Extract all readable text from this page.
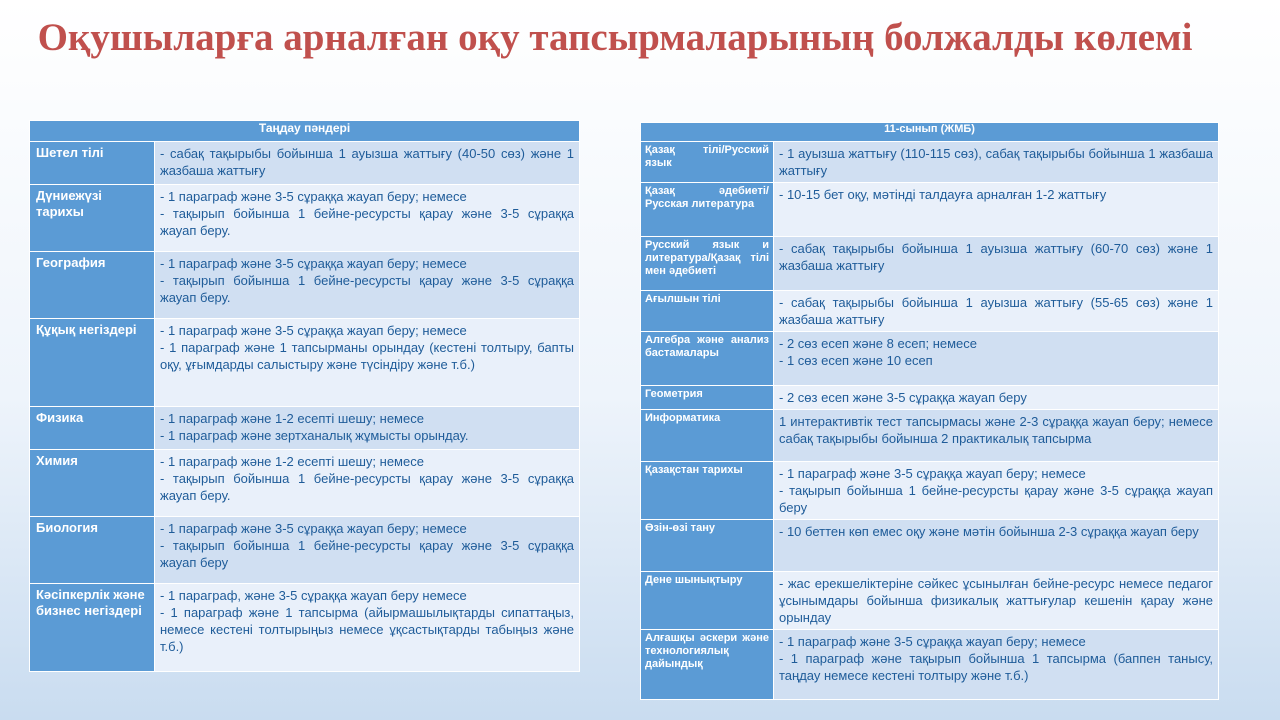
Оқушыларға арналған оқу тапсырмаларының болжалды көлемі
Таңдау пәндері	
Шетел тілі	- сабақ тақырыбы бойынша 1 ауызша жаттығу (40-50 сөз) және 1 жазбаша жаттығу

Дүниежүзі тарихы	- 1 параграф және 3-5 сұраққа жауап беру; немесе
- тақырып бойынша 1 бейне-ресурсты қарау және 3-5 сұраққа жауап беру.

География	- 1 параграф және 3-5 сұраққа жауап беру; немесе
- тақырып бойынша 1 бейне-ресурсты қарау және 3-5 сұраққа жауап беру.

Құқық негіздері	- 1 параграф және 3-5 сұраққа жауап беру; немесе
- 1 параграф және 1 тапсырманы орындау (кестені толтыру, бапты оқу, ұғымдарды салыстыру және түсіндіру және т.б.)

Физика	- 1 параграф және 1-2 есепті шешу; немесе
- 1 параграф және зертханалық жұмысты орындау.

Химия	- 1 параграф және 1-2 есепті шешу; немесе
- тақырып бойынша 1 бейне-ресурсты қарау және 3-5 сұраққа жауап беру.

Биология	- 1 параграф және 3-5 сұраққа жауап беру; немесе
- тақырып бойынша 1 бейне-ресурсты қарау және 3-5 сұраққа жауап беру

Кәсіпкерлік және бизнес негіздері	- 1 параграф, және 3-5 сұраққа жауап беру немесе
- 1 параграф және 1 тапсырма (айырмашылықтарды сипаттаңыз, немесе кестені толтырыңыз немесе ұқсастықтарды табыңыз және т.б.)
11-сынып (ЖМБ)	
Қазақ тілі/Русский язык	- 1 ауызша жаттығу (110-115 сөз), сабақ тақырыбы бойынша 1 жазбаша жаттығу

Қазақ әдебиеті/Русская литература	- 10-15 бет оқу, мәтінді талдауға арналған 1-2 жаттығу

Русский язык и литература/Қазақ тілі мен әдебиеті	- сабақ тақырыбы бойынша 1 ауызша жаттығу (60-70 сөз) және 1 жазбаша жаттығу

Ағылшын тілі	- сабақ тақырыбы бойынша 1 ауызша жаттығу (55-65 сөз) және 1 жазбаша жаттығу

Алгебра және анализ бастамалары	- 2 сөз есеп және 8 есеп; немесе
- 1 сөз есеп және 10 есеп

Геометрия	- 2 сөз есеп және 3-5 сұраққа жауап беру

Информатика	1 интерактивтік тест тапсырмасы және 2-3 сұраққа жауап беру; немесе сабақ тақырыбы бойынша 2 практикалық тапсырма

Қазақстан тарихы	- 1 параграф және 3-5 сұраққа жауап беру; немесе
- тақырып бойынша 1 бейне-ресурсты қарау және 3-5 сұраққа жауап беру

Өзін-өзі тану	- 10 беттен көп емес оқу және мәтін бойынша 2-3 сұраққа жауап беру

Дене шынықтыру	- жас ерекшеліктеріне сәйкес ұсынылған бейне-ресурс немесе педагог ұсынымдары бойынша физикалық жаттығулар кешенін қарау және орындау

Алғашқы әскери және технологиялық дайындық	- 1 параграф және 3-5 сұраққа жауап беру; немесе
- 1 параграф және тақырып бойынша 1 тапсырма (баппен танысу, таңдау немесе кестені толтыру және т.б.)
